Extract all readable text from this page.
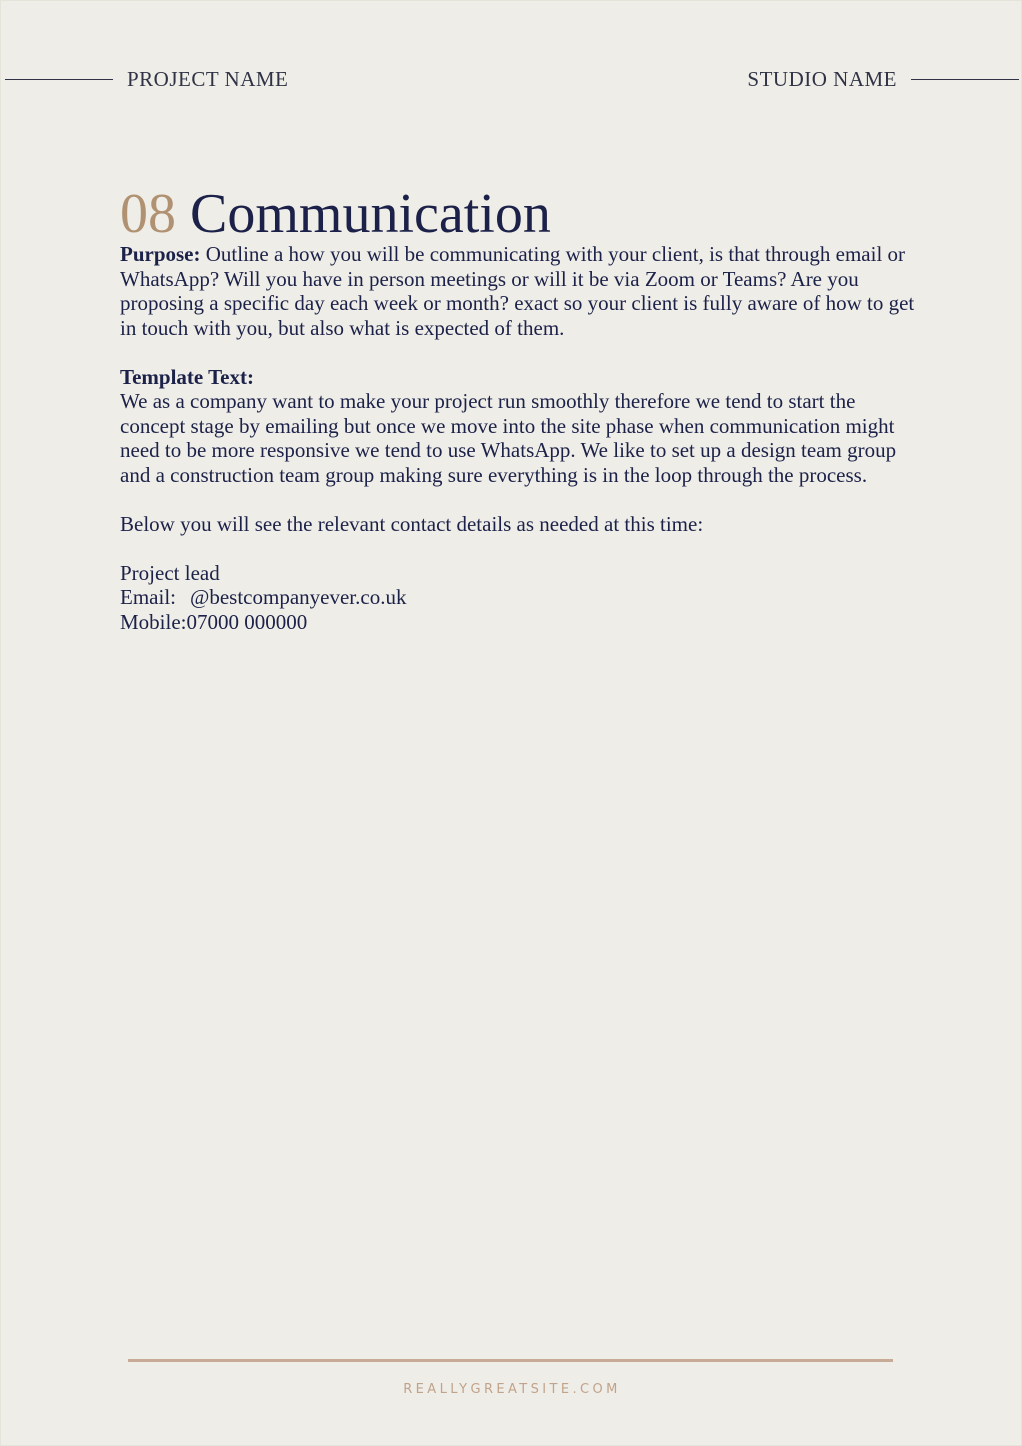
PROJECT NAME	STUDIO NAME
08 Communication

Purpose: Outline a how you will be communicating with your client, is that through email or WhatsApp? Will you have in person meetings or will it be via Zoom or Teams? Are you proposing a specific day each week or month? exact so your client is fully aware of how to get in touch with you, but also what is expected of them.

Template Text:

We as a company want to make your project run smoothly therefore we tend to start the concept stage by emailing but once we move into the site phase when communication might need to be more responsive we tend to use WhatsApp. We like to set up a design team group and a construction team group making sure everything is in the loop through the process.

Below you will see the relevant contact details as needed at this time:

Project lead

Email: @bestcompanyever.co.uk

Mobile:07000 000000

REALLYGREATSITE.COM
